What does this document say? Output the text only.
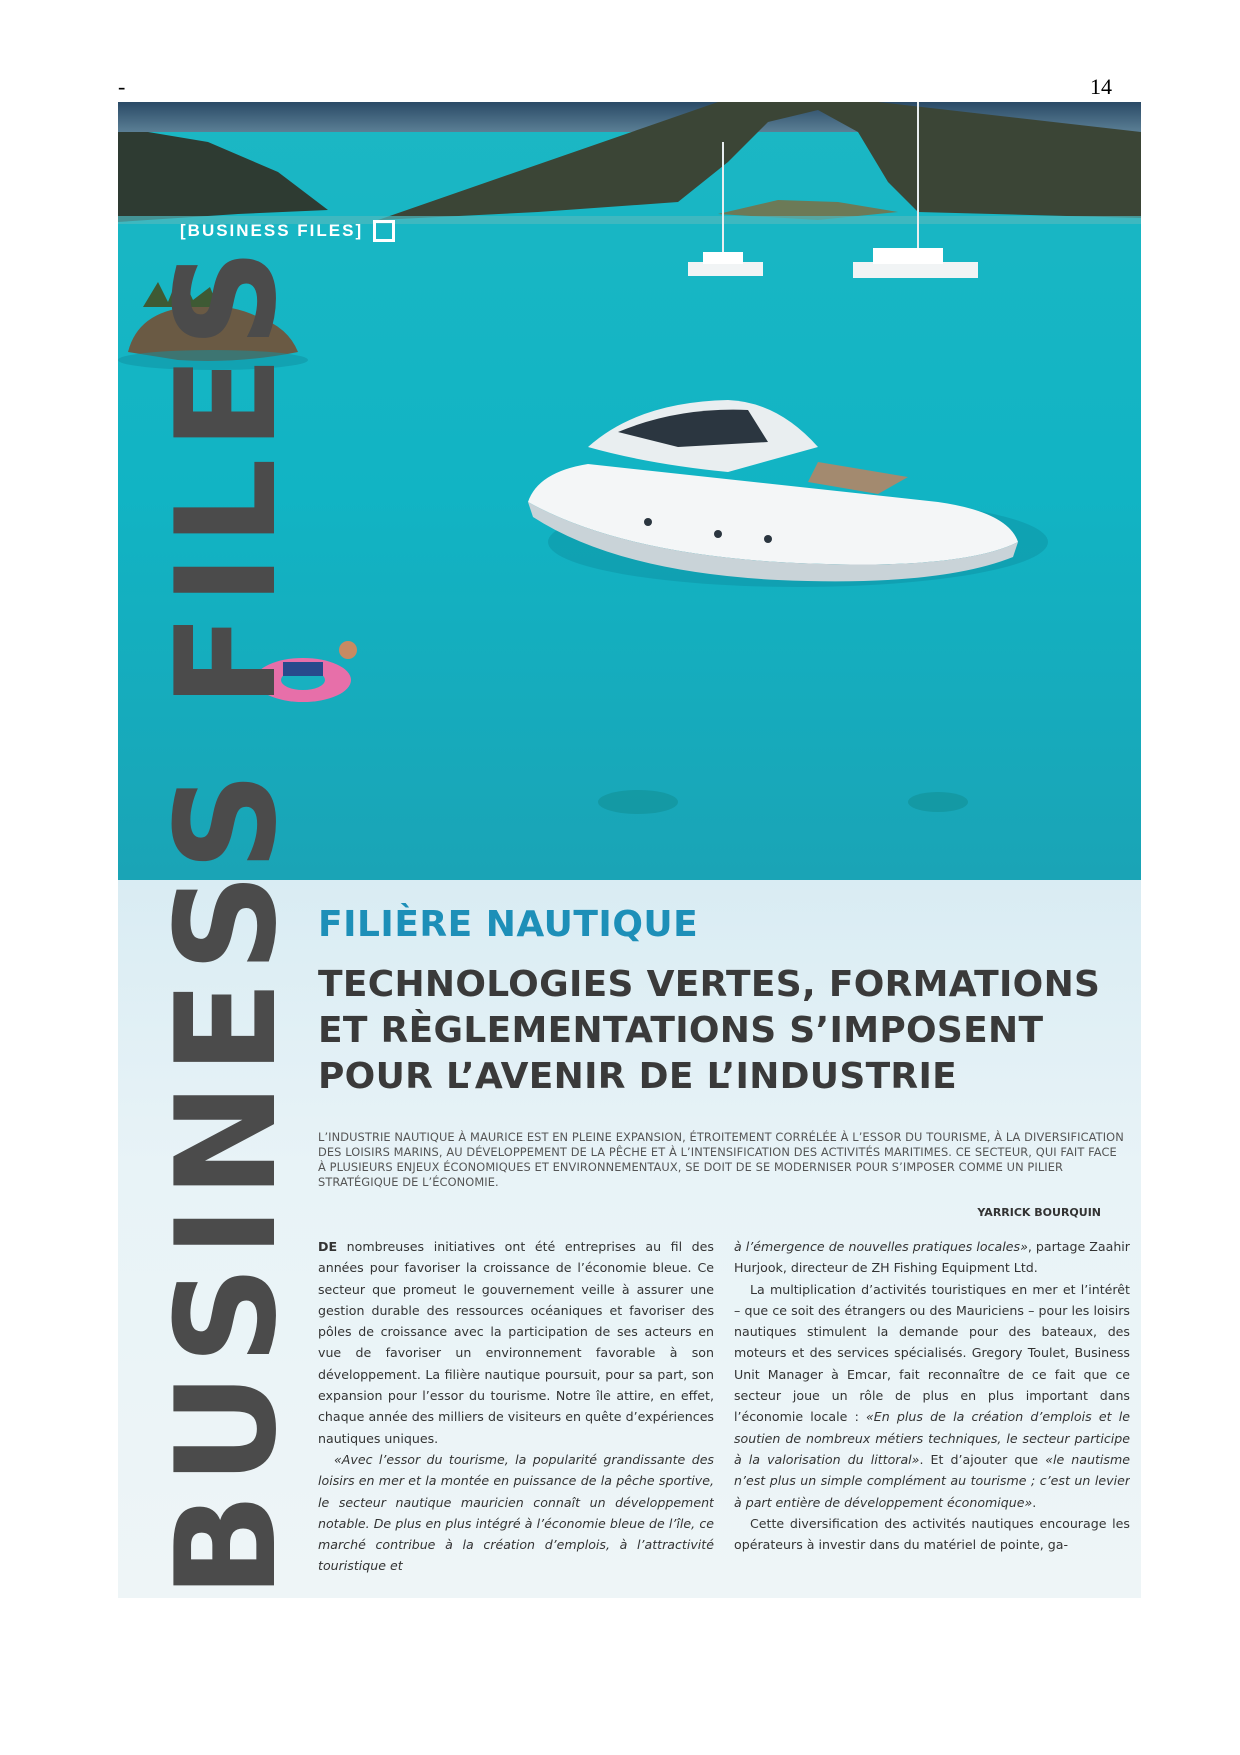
-	14
[BUSINESS FILES]
BUSINESS FILES FILIÈRE NAUTIQUE
TECHNOLOGIES VERTES, FORMATIONS
ET RÈGLEMENTATIONS S’IMPOSENT
POUR L’AVENIR DE L’INDUSTRIE
L’INDUSTRIE NAUTIQUE À MAURICE EST EN PLEINE EXPANSION, ÉTROITEMENT CORRÉLÉE À L’ESSOR DU TOURISME, À LA DIVERSIFICATION DES LOISIRS MARINS, AU DÉVELOPPEMENT DE LA PÊCHE ET À L’INTENSIFICATION DES ACTIVITÉS MARITIMES. CE SECTEUR, QUI FAIT FACE À PLUSIEURS ENJEUX ÉCONOMIQUES ET ENVIRONNEMENTAUX, SE DOIT DE SE MODERNISER POUR S’IMPOSER COMME UN PILIER STRATÉGIQUE DE L’ÉCONOMIE.
YARRICK BOURQUIN

DE nombreuses initiatives ont été entreprises au fil des années pour favoriser la croissance de l’économie bleue. Ce secteur que promeut le gouvernement veille à assurer une gestion durable des ressources océaniques et favoriser des pôles de croissance avec la participation de ses acteurs en vue de favoriser un environnement favorable à son développement. La filière nautique poursuit, pour sa part, son expansion pour l’essor du tourisme. Notre île attire, en effet, chaque année des milliers de visiteurs en quête d’expériences nautiques uniques.

«Avec l’essor du tourisme, la popularité grandissante des loisirs en mer et la montée en puissance de la pêche sportive, le secteur nautique mauricien connaît un développement notable. De plus en plus intégré à l’économie bleue de l’île, ce marché contribue à la création d’emplois, à l’attractivité touristique et

à l’émergence de nouvelles pratiques locales», partage Zaahir Hurjook, directeur de ZH Fishing Equipment Ltd.

La multiplication d’activités touristiques en mer et l’intérêt – que ce soit des étrangers ou des Mauriciens – pour les loisirs nautiques stimulent la demande pour des bateaux, des moteurs et des services spécialisés. Gregory Toulet, Business Unit Manager à Emcar, fait reconnaître de ce fait que ce secteur joue un rôle de plus en plus important dans l’économie locale : «En plus de la création d’emplois et le soutien de nombreux métiers techniques, le secteur participe à la valorisation du littoral». Et d’ajouter que «le nautisme n’est plus un simple complément au tourisme ; c’est un levier à part entière de développement économique».

Cette diversification des activités nautiques encourage les opérateurs à investir dans du matériel de pointe, ga-
